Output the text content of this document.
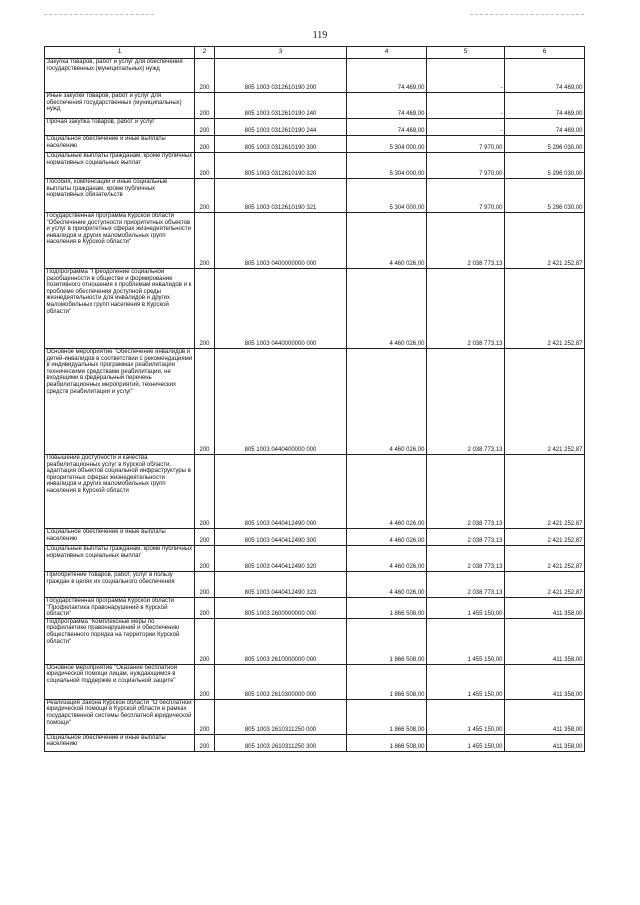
119
1	2	3	4	5	6
Закупка товаров, работ и услуг для обеспечения государственных (муниципальных) нужд	200	805 1003 0312610190 200	74 469,00	-	74 469,00
Иные закупки товаров, работ и услуг для обеспечения государственных (муниципальных) нужд	200	805 1003 0312610190 240	74 469,00	-	74 469,00
Прочая закупка товаров, работ и услуг	200	805 1003 0312610190 244	74 469,00	-	74 469,00
Социальное обеспечение и иные выплаты населению	200	805 1003 0312610190 300	5 304 000,00	7 970,00	5 296 030,00
Социальные выплаты гражданам, кроме публичных нормативных социальных выплат	200	805 1003 0312610190 320	5 304 000,00	7 970,00	5 296 030,00
Пособия, компенсации и иные социальные выплаты гражданам, кроме публичных нормативных обязательств	200	805 1003 0312610190 321	5 304 000,00	7 970,00	5 296 030,00
Государственная программа Курской области "Обеспечение доступности приоритетных объектов и услуг в приоритетных сферах жизнедеятельности инвалидов и других маломобильных групп населения в Курской области"	200	805 1003 0400000000 000	4 460 026,00	2 038 773,13	2 421 252,87
Подпрограмма "Преодоление социальной разобщенности в обществе и формирование позитивного отношения к проблемам инвалидов и к проблеме обеспечения доступной среды жизнедеятельности для инвалидов и других маломобильных групп населения в Курской области"	200	805 1003 0440000000 000	4 460 026,00	2 038 773,13	2 421 252,87
Основное мероприятие "Обеспечение инвалидов и детей-инвалидов в соответствии с рекомендациями в индивидуальных программах реабилитации техническими средствами реабилитации, не входящими в федеральный перечень реабилитационных мероприятий, технических средств реабилитации и услуг"	200	805 1003 0440400000 000	4 460 026,00	2 038 773,13	2 421 252,87
Повышение доступности и качества реабилитационных услуг в Курской области, адаптация объектов социальной инфраструктуры в приоритетных сферах жизнедеятельности инвалидов и других маломобильных групп населения в Курской области	200	805 1003 0440412490 000	4 460 026,00	2 038 773,13	2 421 252,87
Социальное обеспечение и иные выплаты населению	200	805 1003 0440412490 300	4 460 026,00	2 038 773,13	2 421 252,87
Социальные выплаты гражданам, кроме публичных нормативных социальных выплат	200	805 1003 0440412490 320	4 460 026,00	2 038 773,13	2 421 252,87
Приобретение товаров, работ, услуг в пользу граждан в целях их социального обеспечения	200	805 1003 0440412490 323	4 460 026,00	2 038 773,13	2 421 252,87
Государственная программа Курской области "Профилактика правонарушений в Курской области"	200	805 1003 2600000000 000	1 866 508,00	1 455 150,00	411 358,00
Подпрограмма "Комплексные меры по профилактике правонарушений и обеспечению общественного порядка на территории Курской области"	200	805 1003 2610000000 000	1 866 508,00	1 455 150,00	411 358,00
Основное мероприятие "Оказание бесплатной юридической помощи лицам, нуждающимся в социальной поддержке и социальной защите"	200	805 1003 2610300000 000	1 866 508,00	1 455 150,00	411 358,00
Реализация Закона Курской области "О бесплатной юридической помощи в Курской области в рамках государственной системы бесплатной юридической помощи"	200	805 1003 2610311250 000	1 866 508,00	1 455 150,00	411 358,00
Социальное обеспечение и иные выплаты населению	200	805 1003 2610311250 300	1 866 508,00	1 455 150,00	411 358,00
